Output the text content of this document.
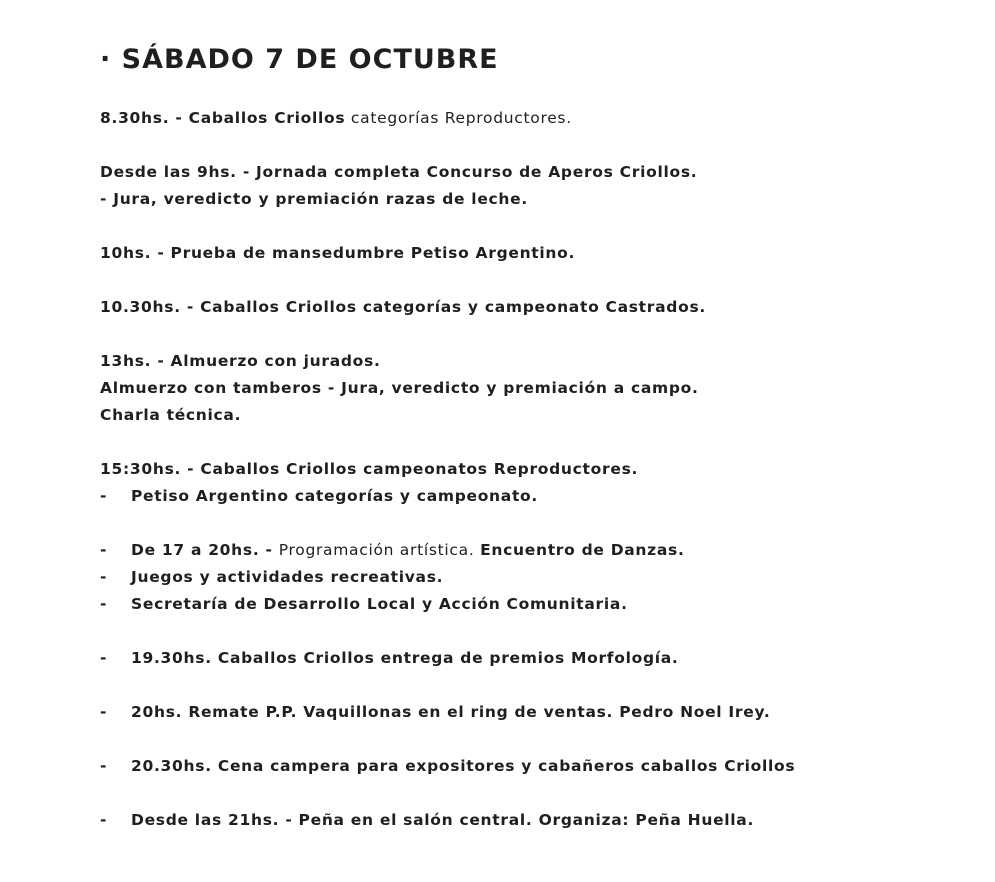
· SÁBADO 7 DE OCTUBRE
8.30hs. - Caballos Criollos categorías Reproductores.
Desde las 9hs. - Jornada completa Concurso de Aperos Criollos.
- Jura, veredicto y premiación razas de leche.
10hs. - Prueba de mansedumbre Petiso Argentino.
10.30hs. - Caballos Criollos categorías y campeonato Castrados.
13hs. - Almuerzo con jurados.
Almuerzo con tamberos - Jura, veredicto y premiación a campo.
Charla técnica.
15:30hs. - Caballos Criollos campeonatos Reproductores.
- Petiso Argentino categorías y campeonato.
- De 17 a 20hs. - Programación artística. Encuentro de Danzas.
- Juegos y actividades recreativas.
- Secretaría de Desarrollo Local y Acción Comunitaria.
- 19.30hs. Caballos Criollos entrega de premios Morfología.
- 20hs. Remate P.P. Vaquillonas en el ring de ventas. Pedro Noel Irey.
- 20.30hs. Cena campera para expositores y cabañeros caballos Criollos
- Desde las 21hs. - Peña en el salón central. Organiza: Peña Huella.
